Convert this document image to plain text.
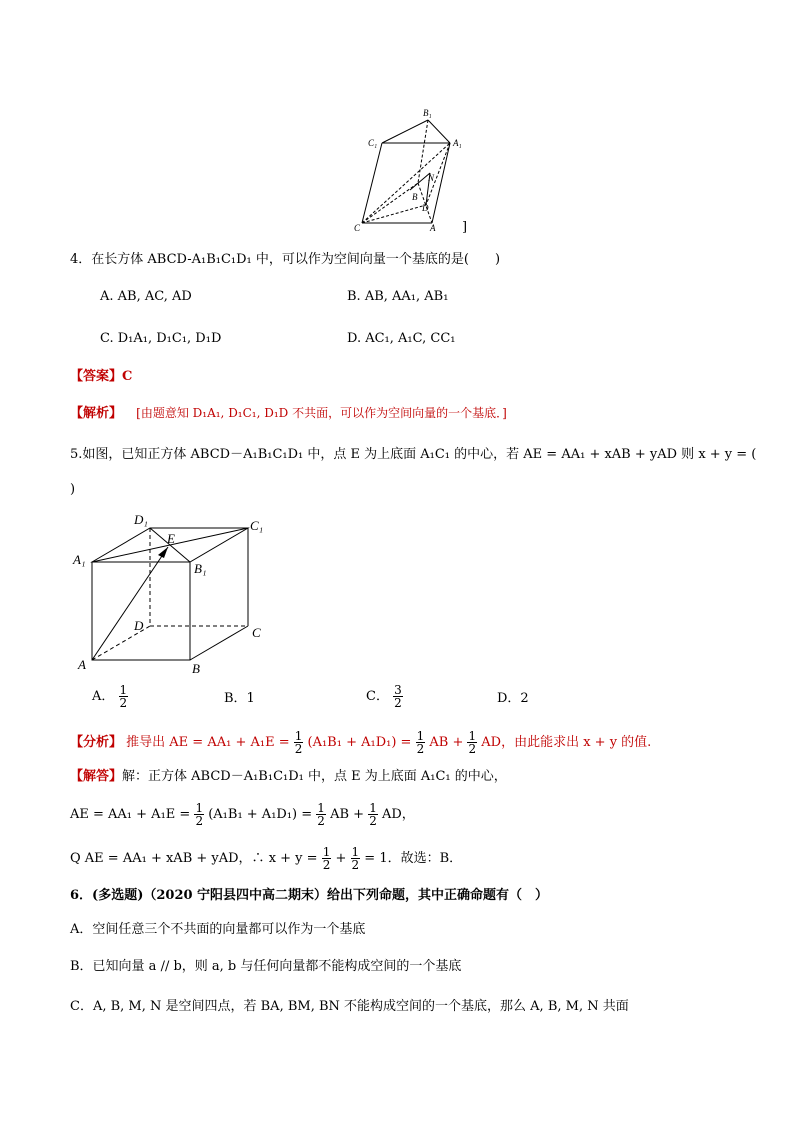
B₁
C₁	A₁
N
B
D
C	A ]
4．在长方体 ABCD-A₁B₁C₁D₁ 中，可以作为空间向量一个基底的是(　　)
A. AB, AC, AD	B. AB, AA₁, AB₁
C. D₁A₁, D₁C₁, D₁D	D. AC₁, A₁C, CC₁
【答案】C
【解析】 [由题意知 D₁A₁, D₁C₁, D₁D 不共面，可以作为空间向量的一个基底．]
5.如图，已知正方体 ABCD－A₁B₁C₁D₁ 中，点 E 为上底面 A₁C₁ 的中心，若 AE = AA₁ + xAB + yAD 则 x + y = (
)
D₁	C₁
E
A₁
B₁
D	C
A	B
A． $\frac{1}{2}$	B．1	C． $\frac{3}{2}$	D．2
【分析】 推导出 AE = $AA_1 + A_1E = \frac{1}{2} (A_1B_1 + A_1D_1) = \frac{1}{2}$ AB + $\frac{1}{2}$ AD，由此能求出 x + y 的值.
【解答】解：正方体 ABCD－A₁B₁C₁D₁ 中，点 E 为上底面 A₁C₁ 的中心，
AE = $AA_1 + A_1E = \frac{1}{2} (A_1B_1 + A_1D_1) = \frac{1}{2}$ AB + $\frac{1}{2}$ AD，
Q AE = AA₁ + xAB + yAD，∴ $x + y = \frac{1}{2} + \frac{1}{2} = 1$．故选：B．
6．(多选题)（2020 宁阳县四中高二期末）给出下列命题，其中正确命题有（　）
A．空间任意三个不共面的向量都可以作为一个基底
B．已知向量 a // b，则 a, b 与任何向量都不能构成空间的一个基底
C．A, B, M, N 是空间四点，若 BA, BM, BN 不能构成空间的一个基底，那么 A, B, M, N 共面
